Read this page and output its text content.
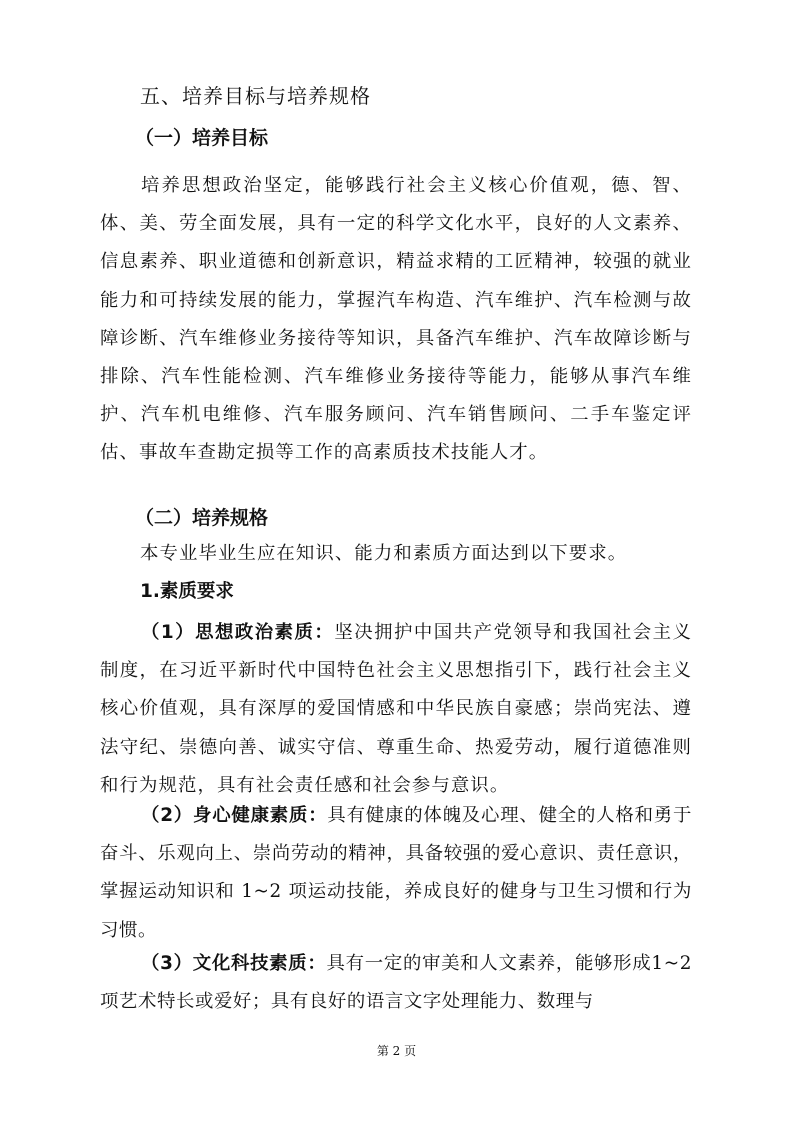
五、培养目标与培养规格
（一）培养目标

培养思想政治坚定，能够践行社会主义核心价值观，德、智、体、美、劳全面发展，具有一定的科学文化水平，良好的人文素养、信息素养、职业道德和创新意识，精益求精的工匠精神，较强的就业能力和可持续发展的能力，掌握汽车构造、汽车维护、汽车检测与故障诊断、汽车维修业务接待等知识，具备汽车维护、汽车故障诊断与排除、汽车性能检测、汽车维修业务接待等能力，能够从事汽车维护、汽车机电维修、汽车服务顾问、汽车销售顾问、二手车鉴定评估、事故车查勘定损等工作的高素质技术技能人才。

（二）培养规格
本专业毕业生应在知识、能力和素质方面达到以下要求。
1.素质要求

（1）思想政治素质：坚决拥护中国共产党领导和我国社会主义制度，在习近平新时代中国特色社会主义思想指引下，践行社会主义核心价值观，具有深厚的爱国情感和中华民族自豪感；崇尚宪法、遵法守纪、崇德向善、诚实守信、尊重生命、热爱劳动，履行道德准则和行为规范，具有社会责任感和社会参与意识。

（2）身心健康素质：具有健康的体魄及心理、健全的人格和勇于奋斗、乐观向上、崇尚劳动的精神，具备较强的爱心意识、责任意识，掌握运动知识和 1~2 项运动技能，养成良好的健身与卫生习惯和行为习惯。

（3）文化科技素质：具有一定的审美和人文素养，能够形成1~2 项艺术特长或爱好；具有良好的语言文字处理能力、数理与

第 2 页
